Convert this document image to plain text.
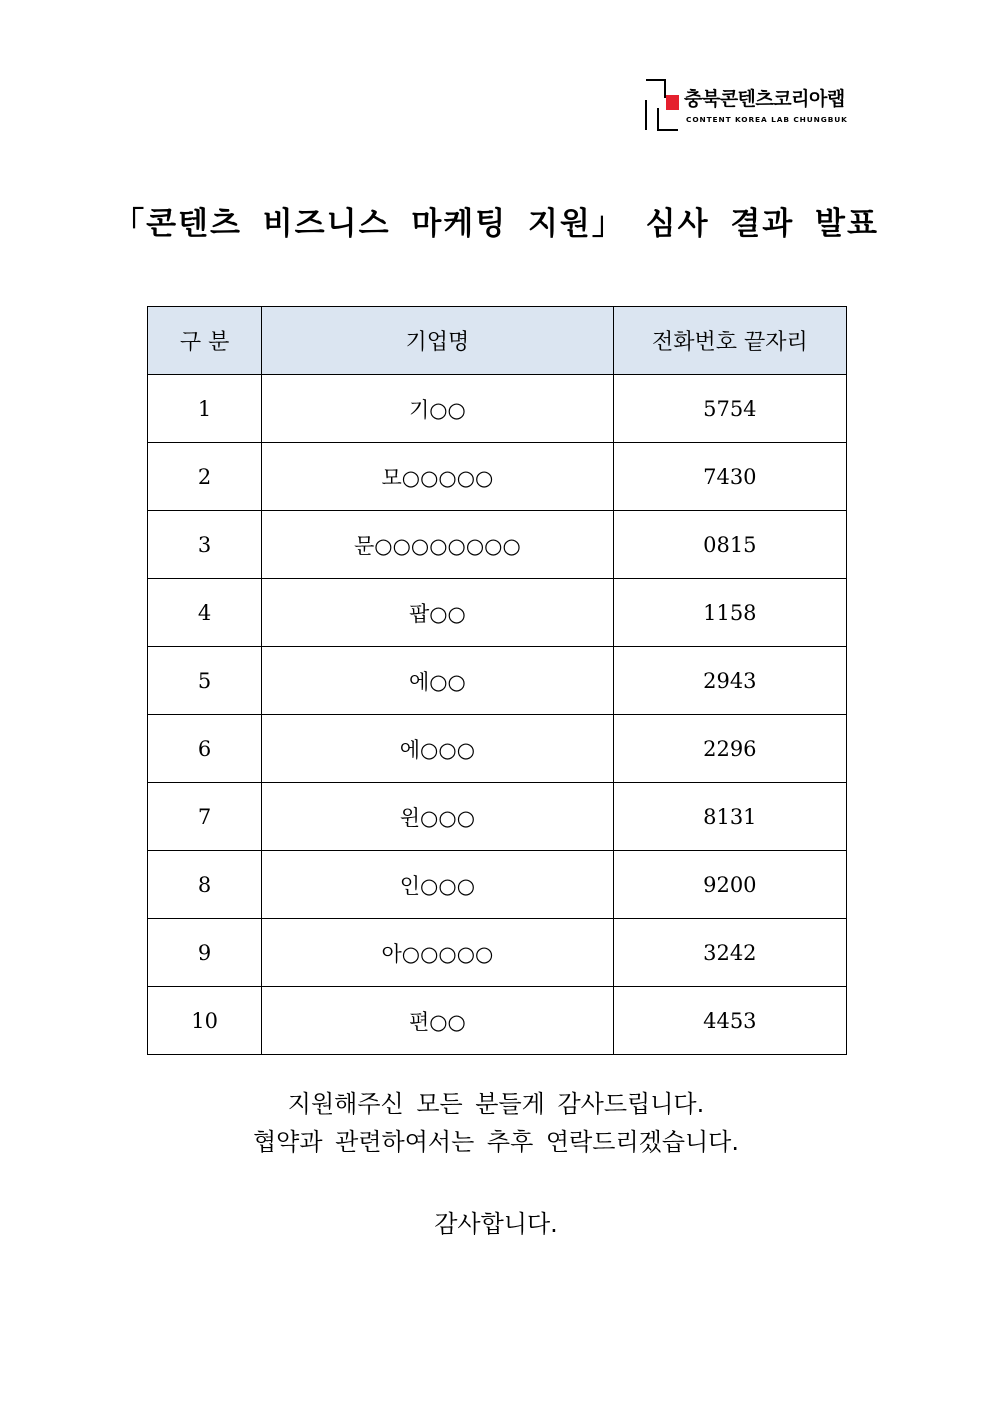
충북콘텐츠코리아랩
CONTENT KOREA LAB CHUNGBUK
「콘텐츠 비즈니스 마케팅 지원」 심사 결과 발표
구 분	기업명	전화번호 끝자리
1	기○○	5754
2	모○○○○○	7430
3	문○○○○○○○○	0815
4	팝○○	1158
5	에○○	2943
6	에○○○	2296
7	윈○○○	8131
8	인○○○	9200
9	아○○○○○	3242
10	편○○	4453

지원해주신 모든 분들게 감사드립니다.

협약과 관련하여서는 추후 연락드리겠습니다.

감사합니다.
